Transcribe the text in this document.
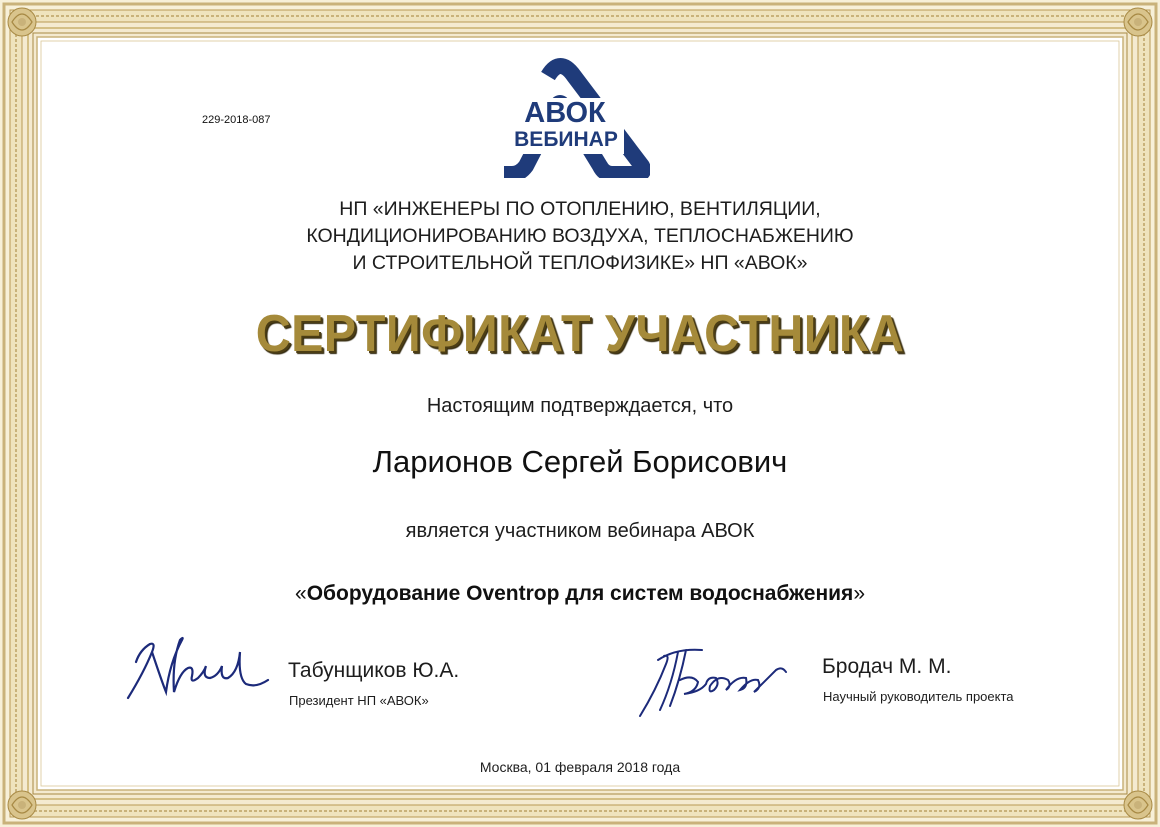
229-2018-087	АВОК
ВЕБИНАР
НП «ИНЖЕНЕРЫ ПО ОТОПЛЕНИЮ, ВЕНТИЛЯЦИИ,
КОНДИЦИОНИРОВАНИЮ ВОЗДУХА, ТЕПЛОСНАБЖЕНИЮ
И СТРОИТЕЛЬНОЙ ТЕПЛОФИЗИКЕ» НП «АВОК»
СЕРТИФИКАТ УЧАСТНИКА
Настоящим подтверждается, что
Ларионов Сергей Борисович
является участником вебинара АВОК
«Оборудование Oventrop для систем водоснабжения»
Табунщиков Ю.А.
Президент НП «АВОК»
Бродач М. М.
Научный руководитель проекта
Москва, 01 февраля 2018 года
